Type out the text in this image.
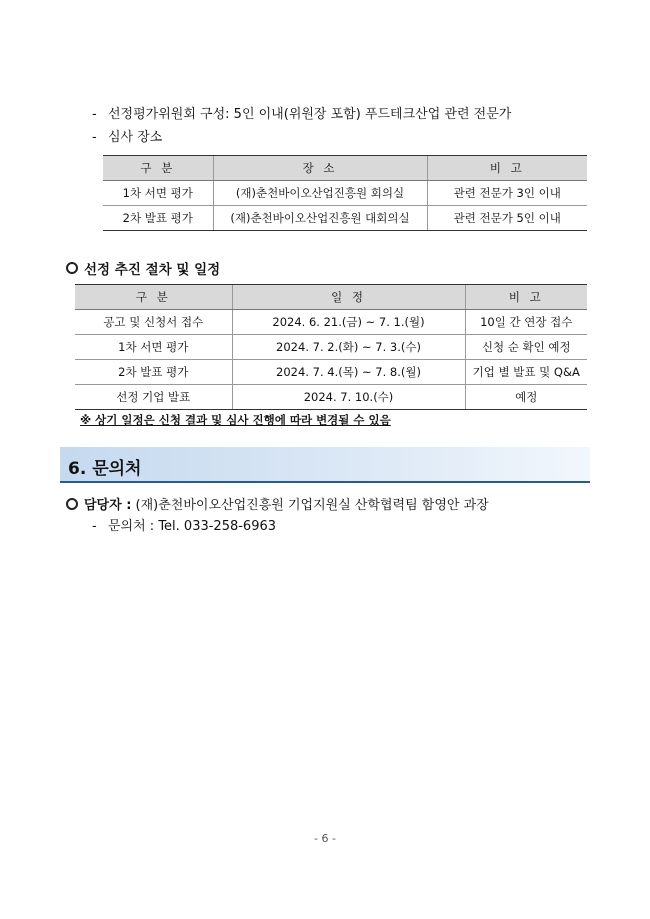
- 선정평가위원회 구성: 5인 이내(위원장 포함) 푸드테크산업 관련 전문가
- 심사 장소
구 분	장 소	비 고
1차 서면 평가	(재)춘천바이오산업진흥원 회의실	관련 전문가 3인 이내
2차 발표 평가	(재)춘천바이오산업진흥원 대회의실	관련 전문가 5인 이내
선정 추진 절차 및 일정
구 분	일 정	비 고
공고 및 신청서 접수	2024. 6. 21.(금) ~ 7. 1.(월)	10일 간 연장 접수
1차 서면 평가	2024. 7. 2.(화) ~ 7. 3.(수)	신청 순 확인 예정
2차 발표 평가	2024. 7. 4.(목) ~ 7. 8.(월)	기업 별 발표 및 Q&A
선정 기업 발표	2024. 7. 10.(수)	예정
※ 상기 일정은 신청 결과 및 심사 진행에 따라 변경될 수 있음
6. 문의처
담당자 :
(재)춘천바이오산업진흥원 기업지원실 산학협력팀 함영안 과장
- 문의처 : Tel. 033-258-6963
- 6 -
